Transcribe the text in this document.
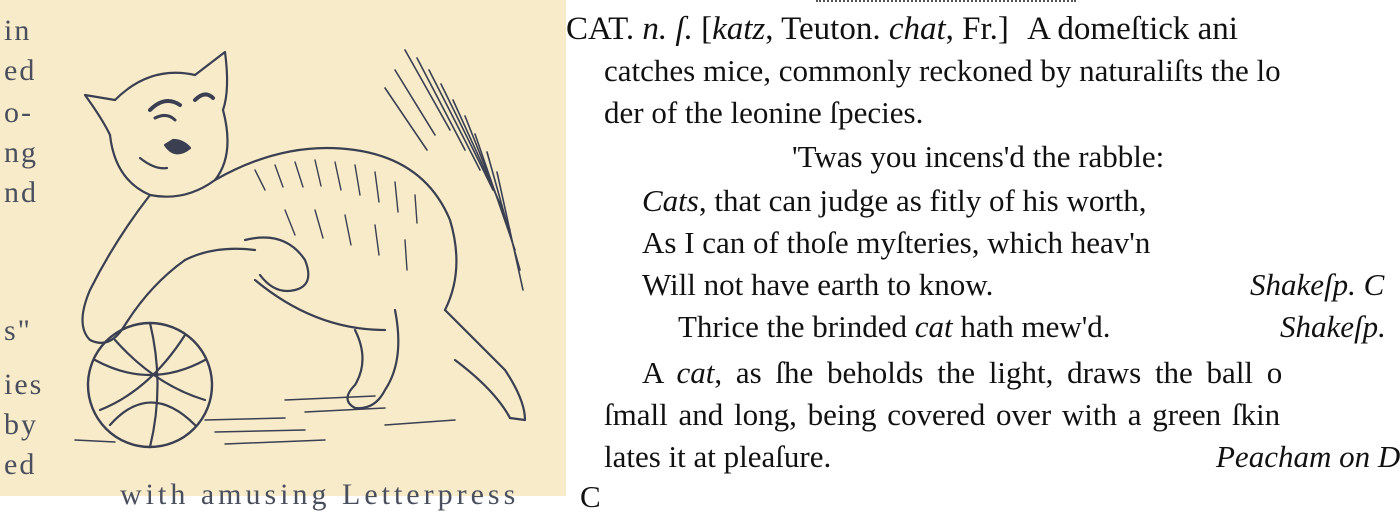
in
ed
o-
ng
nd
s"
ies
by
ed
with amusing Letterpress
CAT. n. ſ. [katz, Teuton. chat, Fr.] A domeſtick ani
catches mice, commonly reckoned by naturaliſts the lo
der of the leonine ſpecies.
'Twas you incens'd the rabble:
Cats, that can judge as fitly of his worth,
As I can of thoſe myſteries, which heav'n
Will not have earth to know.	Shakeſp. C
Thrice the brinded cat hath mew'd.	Shakeſp.
A cat, as ſhe beholds the light, draws the ball o
ſmall and long, being covered over with a green ſkin
lates it at pleaſure.	Peacham on D
C
